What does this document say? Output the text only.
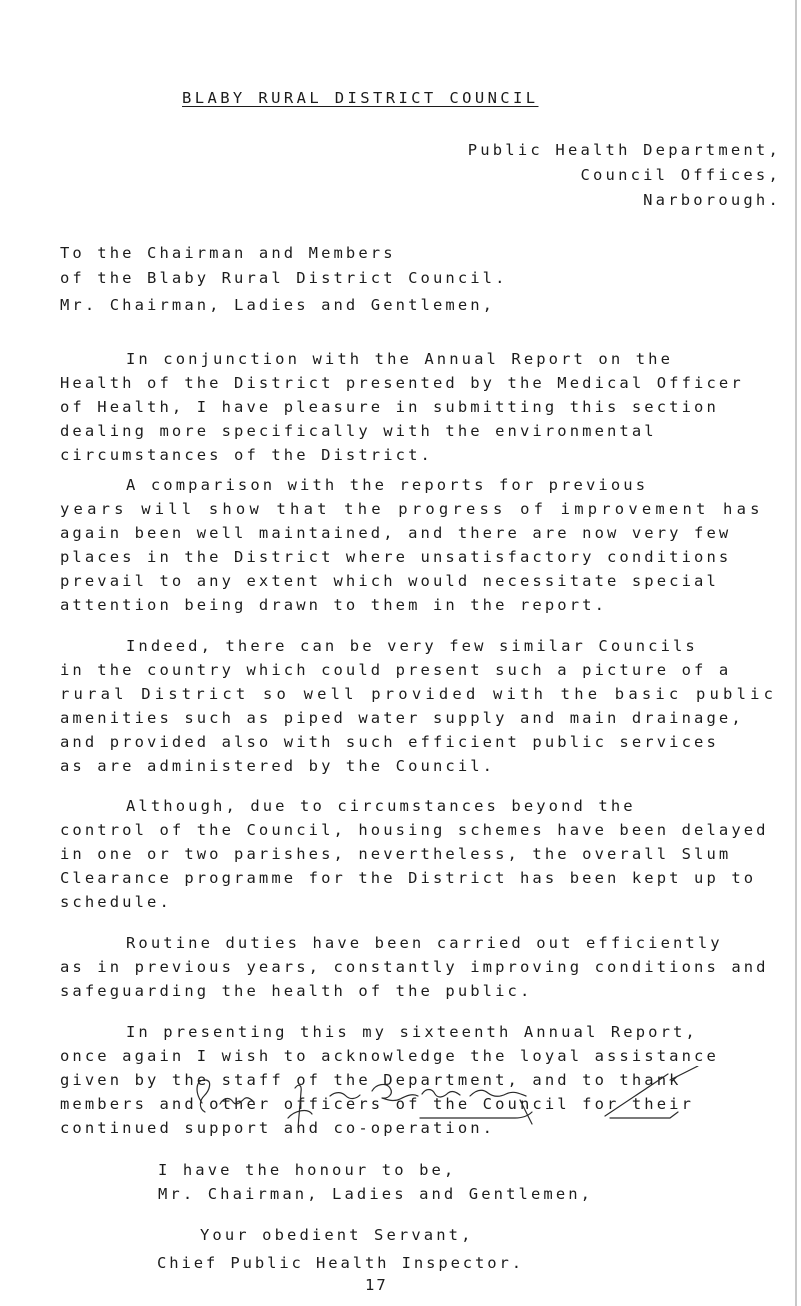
BLABY RURAL DISTRICT COUNCIL
Public Health Department,
Council Offices,
Narborough.
To the Chairman and Members
of the Blaby Rural District Council.
Mr. Chairman, Ladies and Gentlemen,
In conjunction with the Annual Report on the
Health of the District presented by the Medical Officer
of Health, I have pleasure in submitting this section
dealing more specifically with the environmental
circumstances of the District.
A comparison with the reports for previous
years will show that the progress of improvement has
again been well maintained, and there are now very few
places in the District where unsatisfactory conditions
prevail to any extent which would necessitate special
attention being drawn to them in the report.
Indeed, there can be very few similar Councils
in the country which could present such a picture of a
rural District so well provided with the basic public
amenities such as piped water supply and main drainage,
and provided also with such efficient public services
as are administered by the Council.
Although, due to circumstances beyond the
control of the Council, housing schemes have been delayed
in one or two parishes, nevertheless, the overall Slum
Clearance programme for the District has been kept up to
schedule.
Routine duties have been carried out efficiently
as in previous years, constantly improving conditions and
safeguarding the health of the public.
In presenting this my sixteenth Annual Report,
once again I wish to acknowledge the loyal assistance
given by the staff of the Department, and to thank
members and other officers of the Council for their
continued support and co-operation.
I have the honour to be,
Mr. Chairman, Ladies and Gentlemen,
Your obedient Servant,
Chief Public Health Inspector.
17
